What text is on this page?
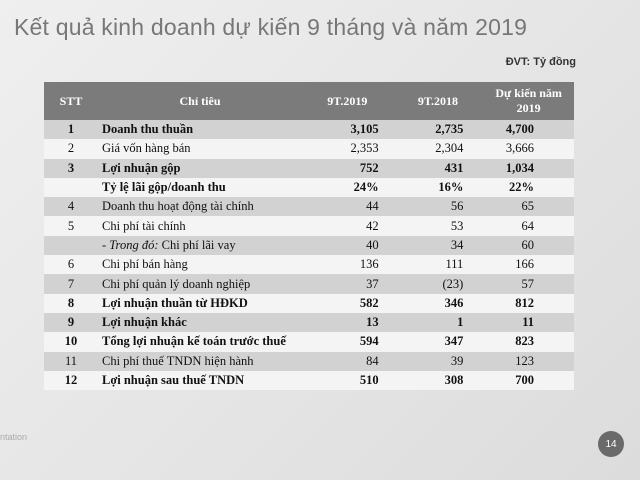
Kết quả kinh doanh dự kiến 9 tháng và năm 2019
ĐVT: Tỷ đồng
STT	Chỉ tiêu	9T.2019	9T.2018	Dự kiến năm 2019
1	Doanh thu thuần	3,105	2,735	4,700
2	Giá vốn hàng bán	2,353	2,304	3,666
3	Lợi nhuận gộp	752	431	1,034
	Tỷ lệ lãi gộp/doanh thu	24%	16%	22%
4	Doanh thu hoạt động tài chính	44	56	65
5	Chi phí tài chính	42	53	64
	- Trong đó: Chi phí lãi vay	40	34	60
6	Chi phí bán hàng	136	111	166
7	Chi phí quản lý doanh nghiệp	37	(23)	57
8	Lợi nhuận thuần từ HĐKD	582	346	812
9	Lợi nhuận khác	13	1	11
10	Tổng lợi nhuận kế toán trước thuế	594	347	823
11	Chi phí thuế TNDN hiện hành	84	39	123
12	Lợi nhuận sau thuế TNDN	510	308	700
ntation
14
